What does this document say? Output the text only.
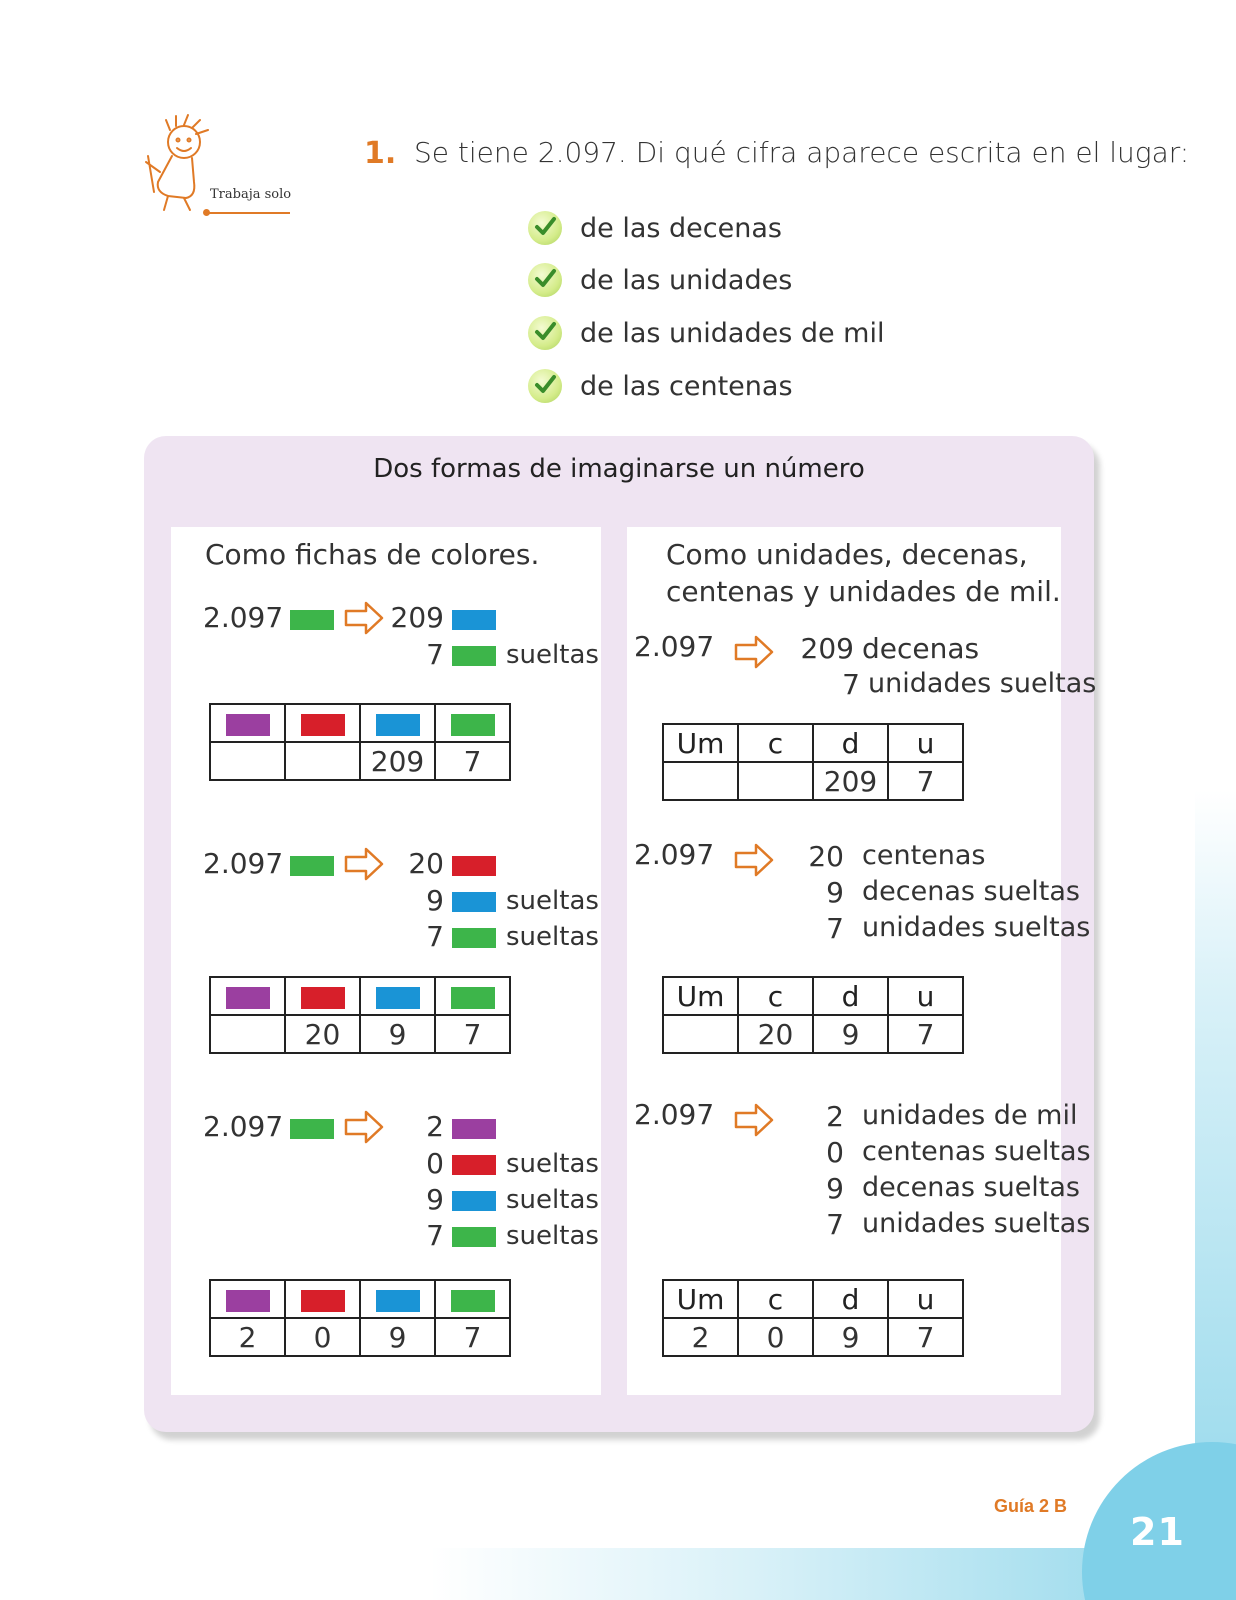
21
Guía 2 B
Trabaja solo
1. Se tiene 2.097. Di qué cifra aparece escrita en el lugar:
de las decenas
de las unidades
de las unidades de mil
de las centenas
Dos formas de imaginarse un número
Como fichas de colores.
2.097	209
7 sueltas

		209	7
2.097	20
9 sueltas
7 sueltas

	20	9	7
2.097	2
0 sueltas
9 sueltas
7 sueltas

2	0	9	7
Como unidades, decenas,
centenas y unidades de mil.
2.097	209 decenas
7 unidades sueltas
Um	c	d	u
		209	7
2.097	20 centenas
9 decenas sueltas
7 unidades sueltas
Um	c	d	u
	20	9	7
2.097	2 unidades de mil
0 centenas sueltas
9 decenas sueltas
7 unidades sueltas
Um	c	d	u
2	0	9	7
